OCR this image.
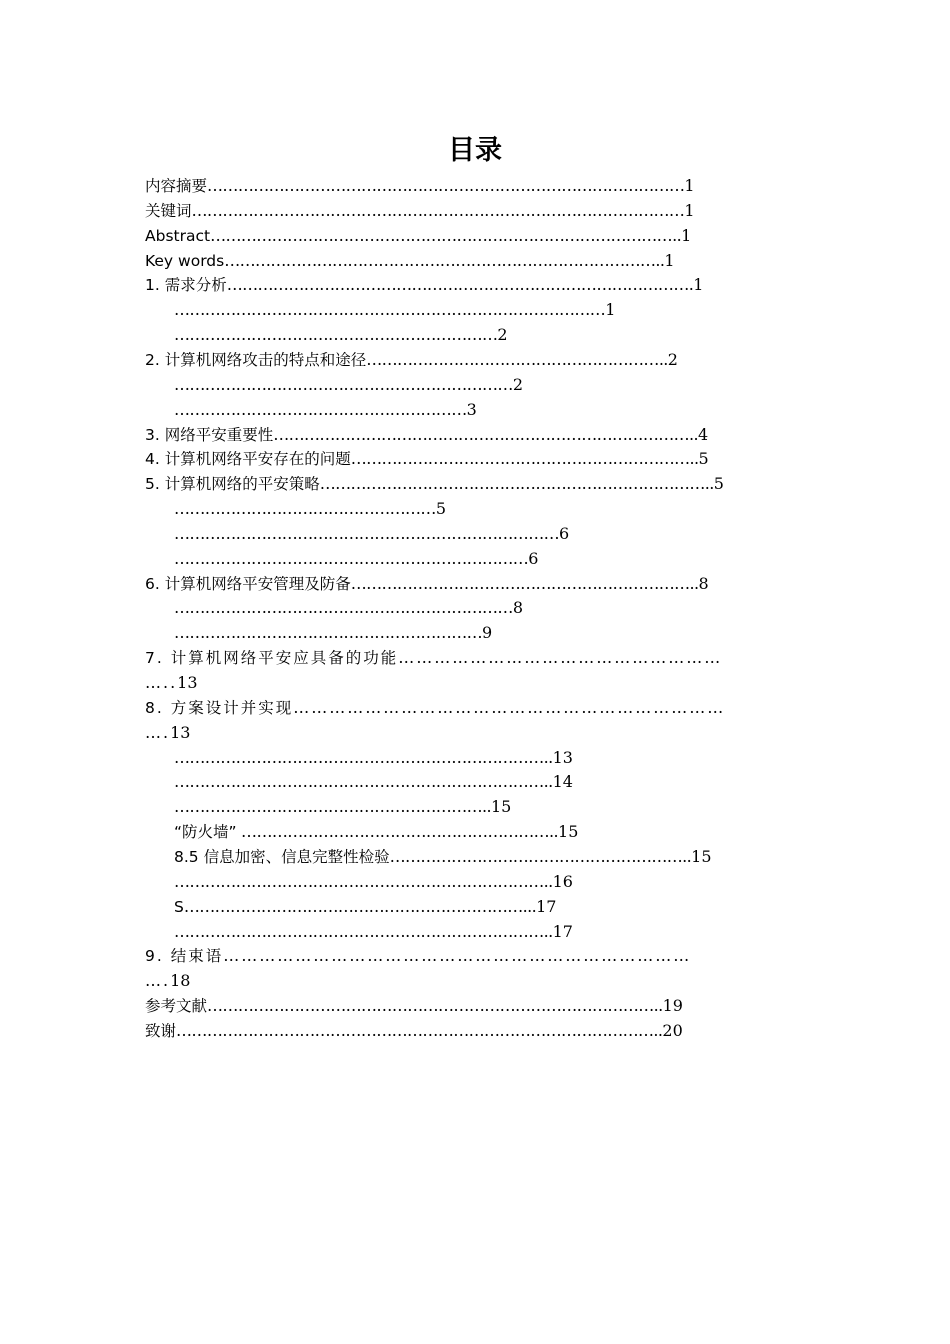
目录
内容摘要…………………………………………………………………………………1
关键词……………………………………………………………………………………1
Abstract………………………………………………………………………………..1
Key words…………………………………………………………………………..1
1. 需求分析……………………………………………………………………………….1
…………………………………………………………………………1
………………………………………………………2
2. 计算机网络攻击的特点和途径…………………………………………………..2
…………………………………………………………2
…………………………………………………3
3. 网络平安重要性………………………………………………………………………..4
4. 计算机网络平安存在的问题…………………………………………………………..5
5. 计算机网络的平安策略…………………………………………………………………..5
……………………………………………5
…………………………………………………………………6
……………………………………………………………6
6. 计算机网络平安管理及防备…………………………………………………………..8
…………………………………………………………8
……………………………………………………9
7. 计算机网络平安应具备的功能………………………………………………
…..13
8. 方案设计并实现………………………………………………………………
….13
………………………………………………………………..13
………………………………………………………………..14
……………………………………………………..15
“防火墙” ……………………………………………………..15
8.5 信息加密、信息完整性检验…………………………………………………..15
………………………………………………………………..16
S…………………………………………………………...17
………………………………………………………………..17
9. 结束语……………………………………………………………………
….18
参考文献……………………………………………………………………………..19
致谢…………………………………………………………………………………..20
